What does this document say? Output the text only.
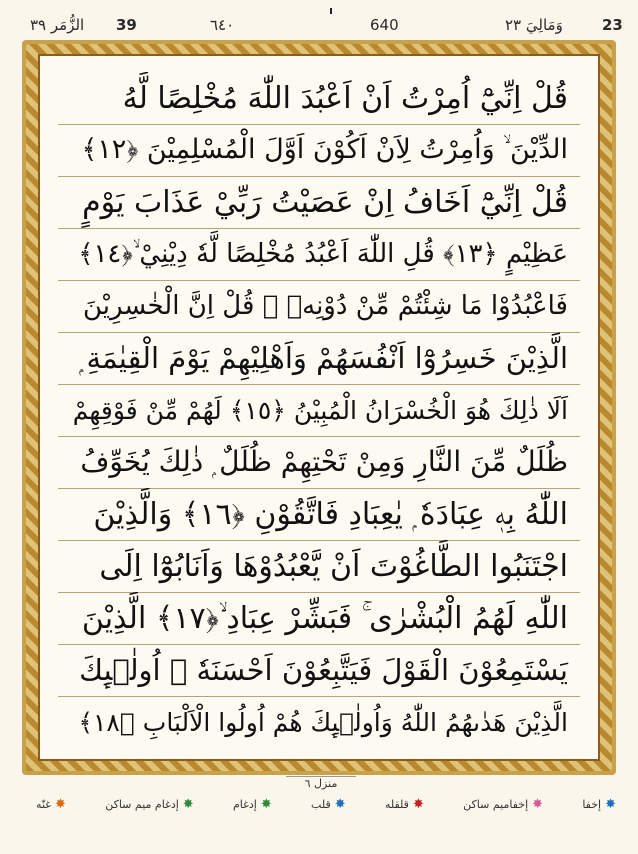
الزُّمَر ٣٩ 39	٦٤٠	640	وَمَالِيَ ٢٣	23
قُلْ اِنِّيْٓ اُمِرْتُ اَنْ اَعْبُدَ اللّٰهَ مُخْلِصًا لَّهُ
الدِّيْنَ ۙ وَاُمِرْتُ لِاَنْ اَكُوْنَ اَوَّلَ الْمُسْلِمِيْنَ ﴿١٢﴾
قُلْ اِنِّيْٓ اَخَافُ اِنْ عَصَيْتُ رَبِّيْ عَذَابَ يَوْمٍ
عَظِيْمٍ ﴿١٣﴾ قُلِ اللّٰهَ اَعْبُدُ مُخْلِصًا لَّهٗ دِيْنِيْ ۙ﴿١٤﴾
فَاعْبُدُوْا مَا شِئْتُمْ مِّنْ دُوْنِهٖ ۭ قُلْ اِنَّ الْخٰسِرِيْنَ
الَّذِيْنَ خَسِرُوْٓا اَنْفُسَهُمْ وَاَهْلِيْهِمْ يَوْمَ الْقِيٰمَةِ ۭ
اَلَا ذٰلِكَ هُوَ الْخُسْرَانُ الْمُبِيْنُ ﴿١٥﴾ لَهُمْ مِّنْ فَوْقِهِمْ
ظُلَلٌ مِّنَ النَّارِ وَمِنْ تَحْتِهِمْ ظُلَلٌ ۭ ذٰلِكَ يُخَوِّفُ
اللّٰهُ بِهٖ عِبَادَهٗ ۭ يٰعِبَادِ فَاتَّقُوْنِ ﴿١٦﴾ وَالَّذِيْنَ
اجْتَنَبُوا الطَّاغُوْتَ اَنْ يَّعْبُدُوْهَا وَاَنَابُوْٓا اِلَى
اللّٰهِ لَهُمُ الْبُشْرٰى ۚ فَبَشِّرْ عِبَادِ ۙ﴿١٧﴾ الَّذِيْنَ
يَسْتَمِعُوْنَ الْقَوْلَ فَيَتَّبِعُوْنَ اَحْسَنَهٗ ۭ اُولٰۗىِٕكَ
الَّذِيْنَ هَدٰىهُمُ اللّٰهُ وَاُولٰۗىِٕكَ هُمْ اُولُوا الْاَلْبَابِ ﴿١٨﴾
منزل ٦
✸
إخفا
✸
إخفاميم ساكن
✸
قلقله
✸
قلب
✸
إدغام
✸
إدغام ميم ساكن
✸
غنّه
